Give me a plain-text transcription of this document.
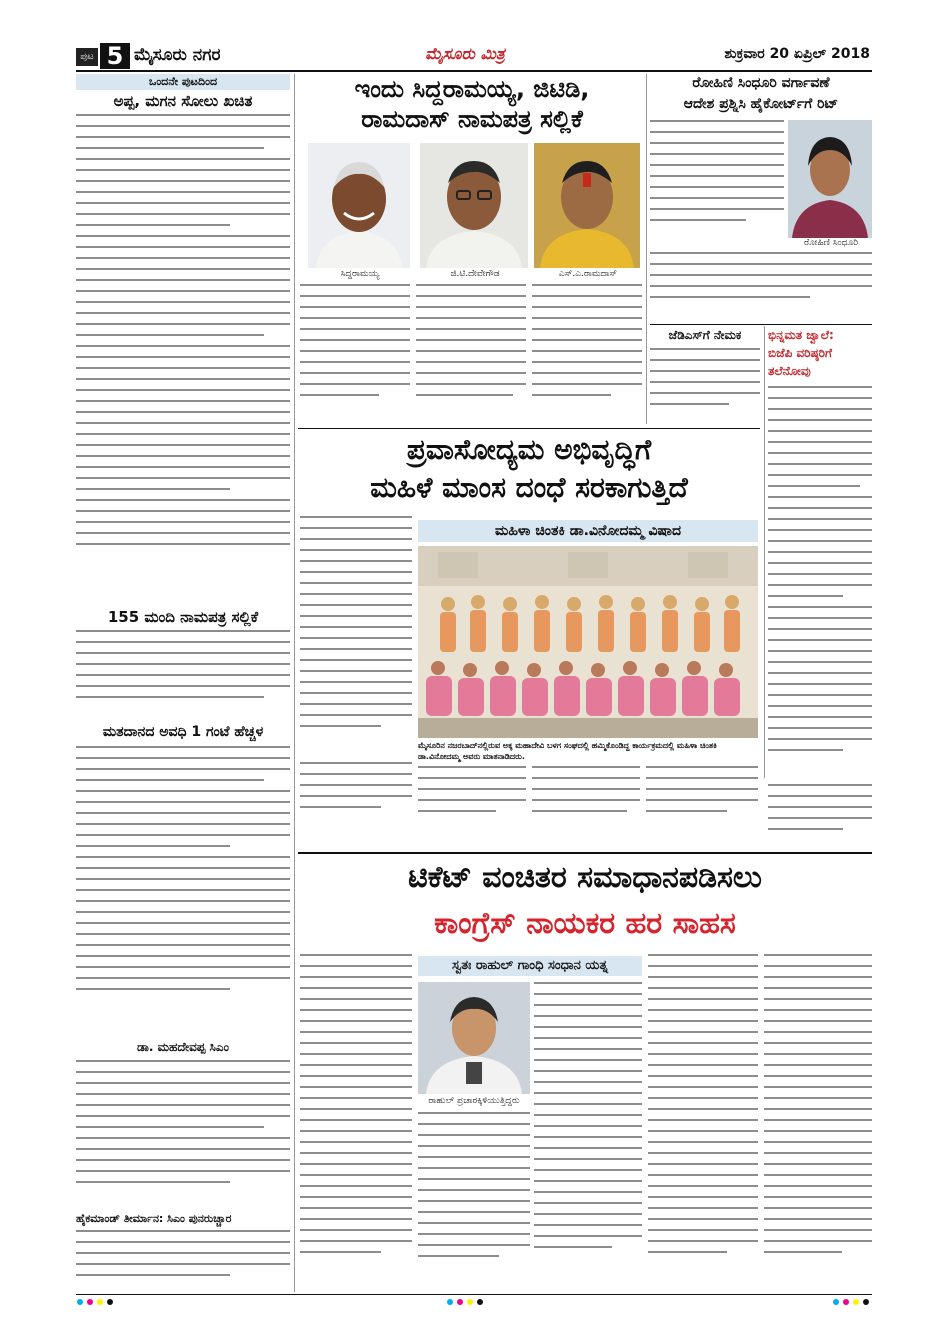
ಪುಟ 5 ಮೈಸೂರು ನಗರ	ಮೈಸೂರು ಮಿತ್ರ	ಶುಕ್ರವಾರ 20 ಏಪ್ರಿಲ್ 2018
ಒಂದನೇ ಪುಟದಿಂದ
ಅಪ್ಪ, ಮಗನ ಸೋಲು ಖಚಿತ
155 ಮಂದಿ ನಾಮಪತ್ರ ಸಲ್ಲಿಕೆ
ಮತದಾನದ ಅವಧಿ 1 ಗಂಟೆ ಹೆಚ್ಚಳ
ಡಾ. ಮಹದೇವಪ್ಪ ಸಿಎಂ
ಹೈಕಮಾಂಡ್ ತೀರ್ಮಾನ: ಸಿಎಂ ಪುನರುಚ್ಚಾರ
ಇಂದು ಸಿದ್ದರಾಮಯ್ಯ, ಜಿಟಿಡಿ,
ರಾಮದಾಸ್ ನಾಮಪತ್ರ ಸಲ್ಲಿಕೆ
ಸಿದ್ದರಾಮಯ್ಯ	ಜಿ.ಟಿ.ದೇವೇಗೌಡ	ಎಸ್.ಎ.ರಾಮದಾಸ್
ರೋಹಿಣಿ ಸಿಂಧೂರಿ ವರ್ಗಾವಣೆ
ಆದೇಶ ಪ್ರಶ್ನಿಸಿ ಹೈಕೋರ್ಟ್‌ಗೆ ರಿಟ್
ರೋಹಿಣಿ ಸಿಂಧೂರಿ
ಜೆಡಿಎಸ್‌ಗೆ ನೇಮಕ	ಭಿನ್ನಮತ ಜ್ವಾಲೆ:
ಬಿಜೆಪಿ ವರಿಷ್ಠರಿಗೆ
ತಲೆನೋವು
ಪ್ರವಾಸೋದ್ಯಮ ಅಭಿವೃದ್ಧಿಗೆ
ಮಹಿಳೆ ಮಾಂಸ ದಂಧೆ ಸರಕಾಗುತ್ತಿದೆ
ಮಹಿಳಾ ಚಿಂತಕಿ ಡಾ.ವಿನೋದಮ್ಮ ವಿಷಾದ
ಮೈಸೂರಿನ ನಜರಬಾದ್‌ನಲ್ಲಿರುವ ಅಕ್ಕ ಮಹಾದೇವಿ ಬಳಗ ಸಂಘದಲ್ಲಿ ಹಮ್ಮಿಕೊಂಡಿದ್ದ ಕಾರ್ಯಕ್ರಮದಲ್ಲಿ ಮಹಿಳಾ ಚಿಂತಕಿ ಡಾ.ವಿನೋದಮ್ಮ ಅವರು ಮಾತನಾಡಿದರು.
ಟಿಕೆಟ್ ವಂಚಿತರ ಸಮಾಧಾನಪಡಿಸಲು
ಕಾಂಗ್ರೆಸ್ ನಾಯಕರ ಹರ ಸಾಹಸ
ಸ್ವತಃ ರಾಹುಲ್ ಗಾಂಧಿ ಸಂಧಾನ ಯತ್ನ
ರಾಹುಲ್ ಪ್ರಚಾರಕ್ಕಿಳಿಯುತ್ತಿದ್ದರು
